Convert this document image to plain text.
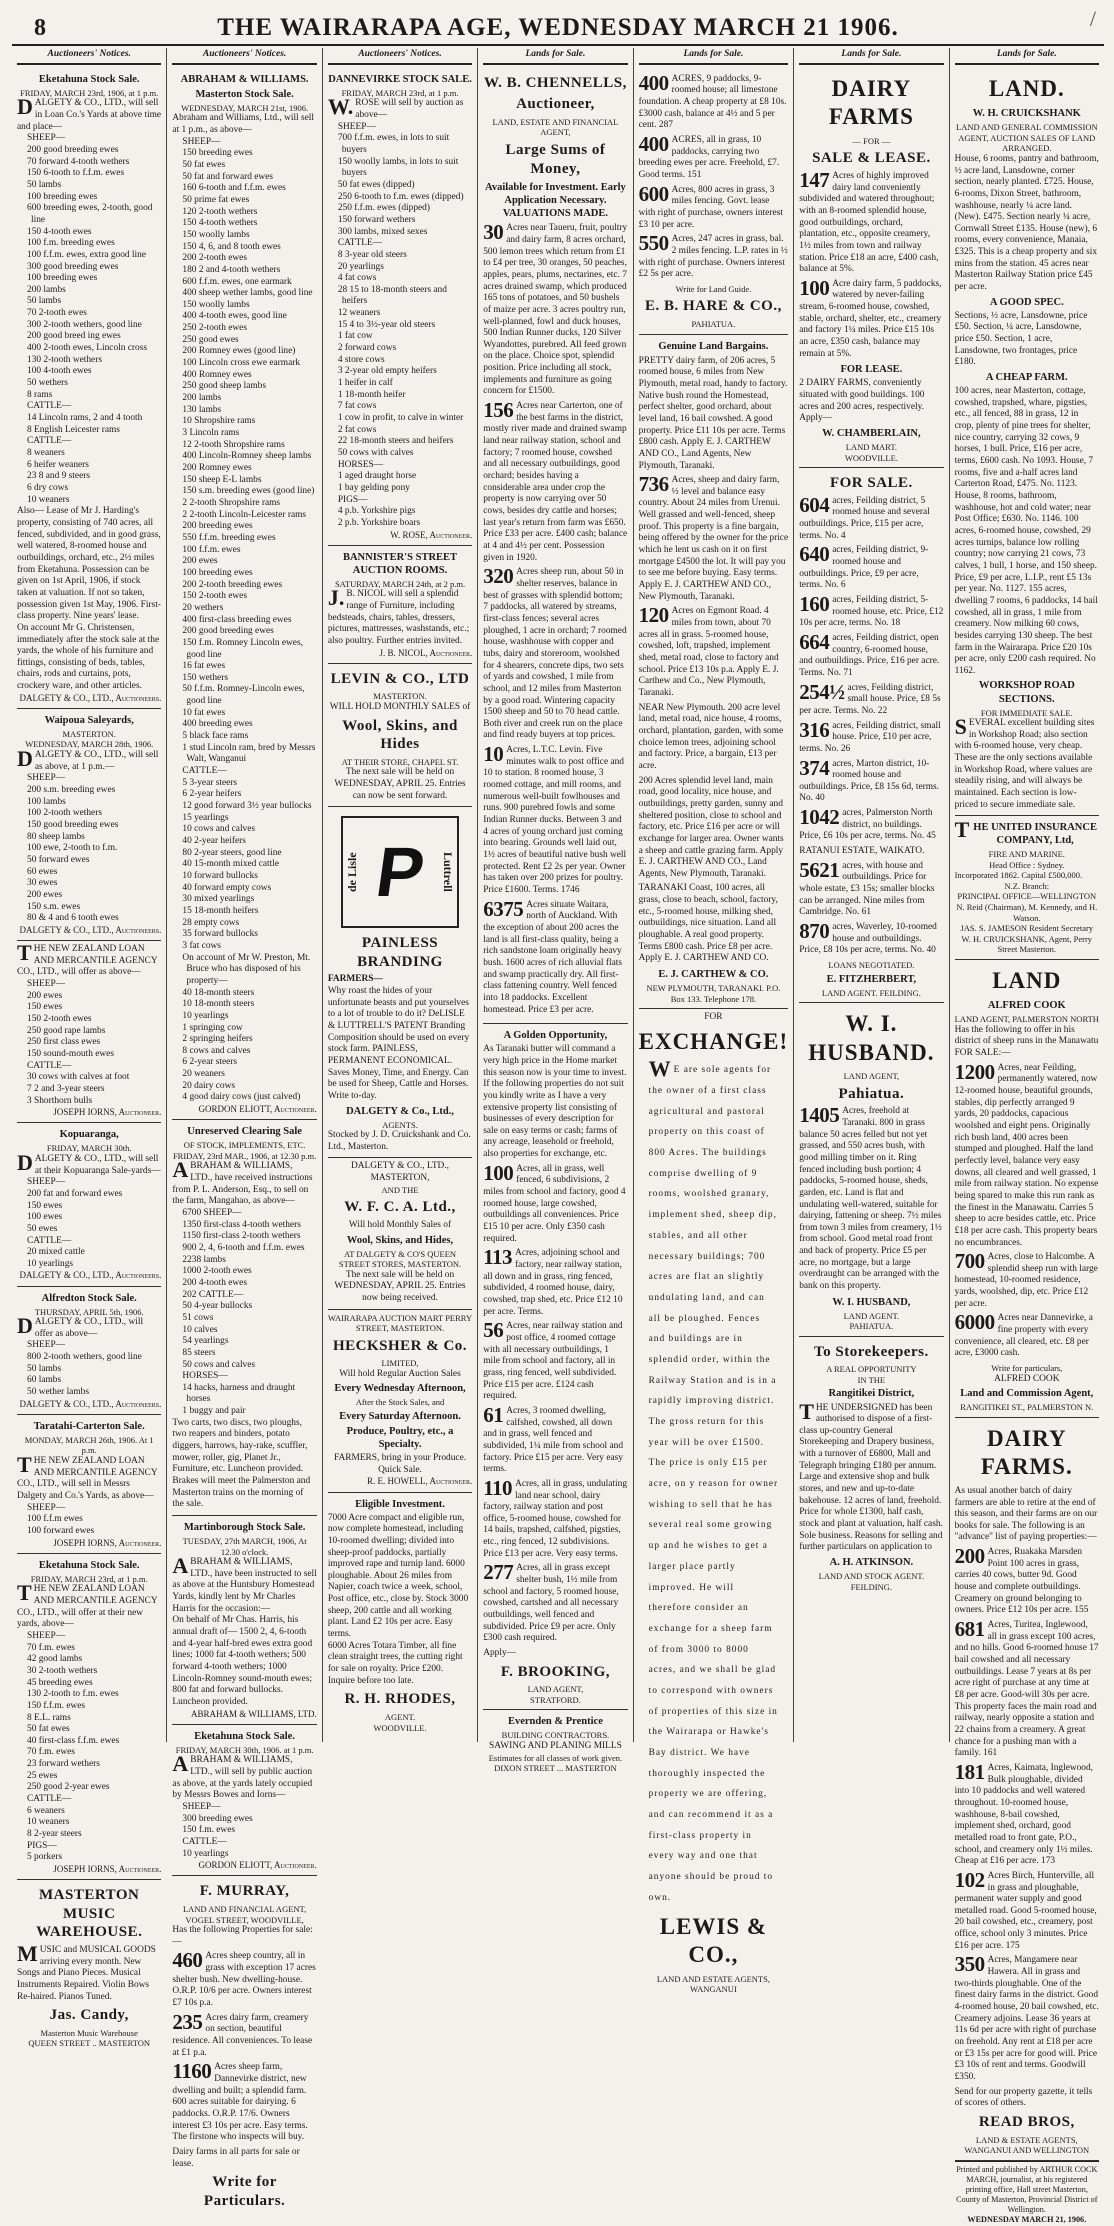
8	THE WAIRARAPA AGE, WEDNESDAY MARCH 21 1906.	/
Auctioneers' Notices.
Eketahuna Stock Sale.
FRIDAY, MARCH 23rd, 1906, at 1 p.m.
DALGETY & CO., LTD., will sell in Loan Co.'s Yards at above time and place—
SHEEP—
200 good breeding ewes
70 forward 4-tooth wethers
150 6-tooth to f.f.m. ewes
50 lambs
100 breeding ewes
600 breeding ewes, 2-tooth, good line
150 4-tooth ewes
100 f.m. breeding ewes
100 f.f.m. ewes, extra good line
300 good breeding ewes
100 breeding ewes
200 lambs
50 lambs
70 2-tooth ewes
300 2-tooth wethers, good line
200 good breed ing ewes
400 2-tooth ewes, Lincoln cross
130 2-tooth wethers
100 4-tooth ewes
50 wethers
8 rams
CATTLE—
14 Lincoln rams, 2 and 4 tooth
8 English Leicester rams
CATTLE—
8 weaners
6 heifer weaners
23 8 and 9 steers
6 dry cows
10 weaners
Also— Lease of Mr J. Harding's property, consisting of 740 acres, all fenced, subdivided, and in good grass, well watered, 8-roomed house and outbuildings, orchard, etc., 2½ miles from Eketahuna. Possession can be given on 1st April, 1906, if stock taken at valuation. If not so taken, possession given 1st May, 1906. First-class property. Nine years' lease.
On account Mr G. Christensen, immediately after the stock sale at the yards, the whole of his furniture and fittings, consisting of beds, tables, chairs, rods and curtains, pots, crockery ware, and other articles.
DALGETY & CO., LTD., Auctioneers.
Waipoua Saleyards,
MASTERTON.
WEDNESDAY, MARCH 28th, 1906.
DALGETY & CO., LTD., will sell as above, at 1 p.m.—
SHEEP—
200 s.m. breeding ewes
100 lambs
100 2-tooth wethers
150 good breeding ewes
80 sheep lambs
100 ewe, 2-tooth to f.m.
50 forward ewes
60 ewes
30 ewes
200 ewes
150 s.m. ewes
80 & 4 and 6 tooth ewes
DALGETY & CO., LTD., Auctioneers.
THE NEW ZEALAND LOAN AND MERCANTILE AGENCY CO., LTD., will offer as above—
SHEEP—
200 ewes
150 ewes
150 2-tooth ewes
250 good rape lambs
250 first class ewes
150 sound-mouth ewes
CATTLE—
30 cows with calves at foot
7 2 and 3-year steers
3 Shorthorn bulls
JOSEPH IORNS, Auctioneer.
Kopuaranga,
FRIDAY, MARCH 30th.
DALGETY & CO., LTD., will sell at their Kopuaranga Sale-yards—
SHEEP—
200 fat and forward ewes
150 ewes
100 ewes
50 ewes
CATTLE—
20 mixed cattle
10 yearlings
DALGETY & CO., LTD., Auctioneers.
Alfredton Stock Sale.
THURSDAY, APRIL 5th, 1906.
DALGETY & CO., LTD., will offer as above—
SHEEP—
800 2-tooth wethers, good line
50 lambs
60 lambs
50 wether lambs
DALGETY & CO., LTD., Auctioneers.
Taratahi-Carterton Sale.
MONDAY, MARCH 26th, 1906. At 1 p.m.
THE NEW ZEALAND LOAN AND MERCANTILE AGENCY CO., LTD., will sell in Messrs Dalgety and Co.'s Yards, as above—
SHEEP—
100 f.f.m ewes
100 forward ewes
JOSEPH IORNS, Auctioneer.
Eketahuna Stock Sale.
FRIDAY, MARCH 23rd, at 1 p.m.
THE NEW ZEALAND LOAN AND MERCANTILE AGENCY CO., LTD., will offer at their new yards, above—
SHEEP—
70 f.m. ewes
42 good lambs
30 2-tooth wethers
45 breeding ewes
130 2-tooth to f.m. ewes
150 f.f.m. ewes
8 E.L. rams
50 fat ewes
40 first-class f.f.m. ewes
70 f.m. ewes
23 forward wethers
25 ewes
250 good 2-year ewes
CATTLE—
6 weaners
10 weaners
8 2-year steers
PIGS—
5 porkers
JOSEPH IORNS, Auctioneer.
MASTERTON MUSIC WAREHOUSE.
MUSIC and MUSICAL GOODS arriving every month. New Songs and Piano Pieces. Musical Instruments Repaired. Violin Bows Re-haired. Pianos Tuned.
Jas. Candy,
Masterton Music Warehouse
QUEEN STREET .. MASTERTON
Auctioneers' Notices.
ABRAHAM & WILLIAMS.
Masterton Stock Sale.
WEDNESDAY, MARCH 21st, 1906.
Abraham and Williams, Ltd., will sell at 1 p.m., as above—
SHEEP—
150 breeding ewes
50 fat ewes
50 fat and forward ewes
160 6-tooth and f.f.m. ewes
50 prime fat ewes
120 2-tooth wethers
150 4-tooth wethers
150 woolly lambs
150 4, 6, and 8 tooth ewes
200 2-tooth ewes
180 2 and 4-tooth wethers
600 f.f.m. ewes, one earmark
400 sheep wether lambs, good line
150 woolly lambs
400 4-tooth ewes, good line
250 2-tooth ewes
250 good ewes
200 Romney ewes (good line)
100 Lincoln cross ewe earmark
400 Romney ewes
250 good sheep lambs
200 lambs
130 lambs
10 Shropshire rams
3 Lincoln rams
12 2-tooth Shropshire rams
400 Lincoln-Romney sheep lambs
200 Romney ewes
150 sheep E-L lambs
150 s.m. breeding ewes (good line)
2 2-tooth Shropshire rams
2 2-tooth Lincoln-Leicester rams
200 breeding ewes
550 f.f.m. breeding ewes
100 f.f.m. ewes
200 ewes
100 breeding ewes
200 2-tooth breeding ewes
150 2-tooth ewes
20 wethers
400 first-class breeding ewes
200 good breeding ewes
150 f.m. Romney Lincoln ewes, good line
16 fat ewes
150 wethers
50 f.f.m. Romney-Lincoln ewes, good line
10 fat ewes
400 breeding ewes
5 black face rams
1 stud Lincoln ram, bred by Messrs Walt, Wanganui
CATTLE—
5 3-year steers
6 2-year heifers
12 good forward 3½ year bullocks
15 yearlings
10 cows and calves
40 2-year heifers
80 2-year steers, good line
40 15-month mixed cattle
10 forward bullocks
40 forward empty cows
30 mixed yearlings
15 18-month heifers
28 empty cows
35 forward bullocks
3 fat cows
On account of Mr W. Preston, Mt. Bruce who has disposed of his property—
40 18-month steers
10 18-month steers
10 yearlings
1 springing cow
2 springing heifers
8 cows and calves
6 2-year steers
20 weaners
20 dairy cows
4 good dairy cows (just calved)
GORDON ELIOTT, Auctioneer.
Unreserved Clearing Sale
OF STOCK, IMPLEMENTS, ETC.
FRIDAY, 23rd MAR., 1906, at 12.30 p.m.
ABRAHAM & WILLIAMS, LTD., have received instructions from P. L. Anderson, Esq., to sell on the farm, Mangahao, as above—
6700 SHEEP—
1350 first-class 4-tooth wethers
1150 first-class 2-tooth wethers
900 2, 4, 6-tooth and f.f.m. ewes
2238 lambs
1000 2-tooth ewes
200 4-tooth ewes
202 CATTLE—
50 4-year bullocks
51 cows
10 calves
54 yearlings
85 steers
50 cows and calves
HORSES—
14 hacks, harness and draught horses
1 buggy and pair
Two carts, two discs, two ploughs, two reapers and binders, potato diggers, harrows, hay-rake, scuffler, mower, roller, gig, Planet Jr., Furniture, etc. Luncheon provided. Brakes will meet the Palmerston and Masterton trains on the morning of the sale.
Martinborough Stock Sale.
TUESDAY, 27th MARCH, 1906, At 12.30 o'clock.
ABRAHAM & WILLIAMS, LTD., have been instructed to sell as above at the Huntsbury Homestead Yards, kindly lent by Mr Charles Harris for the occasion:—
On behalf of Mr Chas. Harris, his annual draft of— 1500 2, 4, 6-tooth and 4-year half-bred ewes extra good lines; 1000 fat 4-tooth wethers; 500 forward 4-tooth wethers; 1000 Lincoln-Romney sound-mouth ewes; 800 fat and forward bullocks. Luncheon provided.
ABRAHAM & WILLIAMS, LTD.
Eketahuna Stock Sale.
FRIDAY, MARCH 30th, 1906. at 1 p.m.
ABRAHAM & WILLIAMS, LTD., will sell by public auction as above, at the yards lately occupied by Messrs Bowes and Iorns—
SHEEP—
300 breeding ewes
150 f.m. ewes
CATTLE—
10 yearlings
GORDON ELIOTT, Auctioneer.
F. MURRAY,
LAND AND FINANCIAL AGENT,
VOGEL STREET, WOODVILLE,
Has the following Properties for sale:—
460 Acres sheep country, all in grass with exception 17 acres shelter bush. New dwelling-house. O.R.P. 10/6 per acre. Owners interest £7 10s p.a.
235 Acres dairy farm, creamery on section, beautiful residence. All conveniences. To lease at £1 p.a.
1160 Acres sheep farm, Dannevirke district, new dwelling and built; a splendid farm. 600 acres suitable for dairying. 6 paddocks. O.R.P. 17/6. Owners interest £3 10s per acre. Easy terms. The firstone who inspects will buy.
Dairy farms in all parts for sale or lease.
Write for Particulars.
Auctioneers' Notices.
DANNEVIRKE STOCK SALE.
FRIDAY, MARCH 23rd, at 1 p.m.
W.ROSE will sell by auction as above—
SHEEP—
700 f.f.m. ewes, in lots to suit buyers
150 woolly lambs, in lots to suit buyers
50 fat ewes (dipped)
250 6-tooth to f.m. ewes (dipped)
250 f.f.m. ewes (dipped)
150 forward wethers
300 lambs, mixed sexes
CATTLE—
8 3-year old steers
20 yearlings
4 fat cows
28 15 to 18-month steers and heifers
12 weaners
15 4 to 3½-year old steers
1 fat cow
2 forward cows
4 store cows
3 2-year old empty heifers
1 heifer in calf
1 18-month heifer
7 fat cows
1 cow in profit, to calve in winter
2 fat cows
22 18-month steers and heifers
50 cows with calves
HORSES—
1 aged draught horse
1 bay gelding pony
PIGS—
4 p.b. Yorkshire pigs
2 p.b. Yorkshire boars
W. ROSE, Auctioneer.
BANNISTER'S STREET AUCTION ROOMS.
SATURDAY, MARCH 24th, at 2 p.m.
J.B. NICOL will sell a splendid range of Furniture, including bedsteads, chairs, tables, dressers, pictures, mattresses, washstands, etc.; also poultry. Further entries invited.
J. B. NICOL, Auctioneer.
LEVIN & CO., LTD
MASTERTON.
WILL HOLD MONTHLY SALES of
Wool, Skins, and Hides
AT THEIR STORE, CHAPEL ST.
The next sale will be held on WEDNESDAY, APRIL 25. Entries can now be sent forward.
de Lisle P Luttrell
PAINLESS BRANDING
FARMERS—
Why roast the hides of your unfortunate beasts and put yourselves to a lot of trouble to do it? DeLISLE & LUTTRELL'S PATENT Branding Composition should be used on every stock farm. PAINLESS, PERMANENT ECONOMICAL. Saves Money, Time, and Energy. Can be used for Sheep, Cattle and Horses. Write to-day.
DALGETY & Co., Ltd.,
AGENTS.
Stocked by J. D. Cruickshank and Co. Ltd., Masterton.
DALGETY & CO., LTD., MASTERTON,
AND THE
W. F. C. A. Ltd.,
Will hold Monthly Sales of
Wool, Skins, and Hides,
AT DALGETY & CO'S QUEEN STREET STORES, MASTERTON.
The next sale will be held on WEDNESDAY, APRIL 25. Entries now being received.
WAIRARAPA AUCTION MART PERRY STREET, MASTERTON.
HECKSHER & Co.
LIMITED,
Will hold Regular Auction Sales
Every Wednesday Afternoon,
After the Stock Sales, and
Every Saturday Afternoon.
Produce, Poultry, etc., a Specialty.
FARMERS, bring in your Produce. Quick Sale.
R. E. HOWELL, Auctioneer.
Eligible Investment.
7000 Acre compact and eligible run, now complete homestead, including 10-roomed dwelling; divided into sheep-proof paddocks, partially improved rape and turnip land. 6000 ploughable. About 26 miles from Napier, coach twice a week, school, Post office, etc., close by. Stock 3000 sheep, 200 cattle and all working plant. Land £2 10s per acre. Easy terms.
6000 Acres Totara Timber, all fine clean straight trees, the cutting right for sale on royalty. Price £200. Inquire before too late.
R. H. RHODES,
AGENT.
WOODVILLE.
Lands for Sale.
W. B. CHENNELLS,
Auctioneer,
LAND, ESTATE AND FINANCIAL AGENT,
Large Sums of Money,
Available for Investment. Early Application Necessary. VALUATIONS MADE.
30 Acres near Taueru, fruit, poultry and dairy farm, 8 acres orchard, 500 lemon trees which return from £1 to £4 per tree, 30 oranges, 50 peaches, apples, pears, plums, nectarines, etc. 7 acres drained swamp, which produced 165 tons of potatoes, and 50 bushels of maize per acre. 3 acres poultry run, well-planned, fowl and duck houses, 500 Indian Runner ducks, 120 Silver Wyandottes, purebred. All feed grown on the place. Choice spot, splendid position. Price including all stock, implements and furniture as going concern for £1500.
156 Acres near Carterton, one of the best farms in the district, mostly river made and drained swamp land near railway station, school and factory; 7 roomed house, cowshed and all necessary outbuildings, good orchard; besides having a considerable area under crop the property is now carrying over 50 cows, besides dry cattle and horses; last year's return from farm was £650. Price £33 per acre. £400 cash; balance at 4 and 4½ per cent. Possession given in 1920.
320 Acres sheep run, about 50 in shelter reserves, balance in best of grasses with splendid bottom; 7 paddocks, all watered by streams, first-class fences; several acres ploughed, 1 acre in orchard; 7 roomed house, washhouse with copper and tubs, dairy and storeroom, woolshed for 4 shearers, concrete dips, two sets of yards and cowshed, 1 mile from school, and 12 miles from Masterton by a good road. Wintering capacity 1500 sheep and 50 to 70 head cattle. Both river and creek run on the place and find ready buyers at top prices.
10 Acres, L.T.C. Levin. Five minutes walk to post office and 10 to station. 8 roomed house, 3 roomed cottage, and mill rooms, and numerous well-built fowlhouses and runs. 900 purebred fowls and some Indian Runner ducks. Between 3 and 4 acres of young orchard just coming into bearing. Grounds well laid out, 1½ acres of beautiful native bush well protected. Rent £2 2s per year. Owner has taken over 200 prizes for poultry. Price £1600. Terms. 1746
6375 Acres situate Waitara, north of Auckland. With the exception of about 200 acres the land is all first-class quality, being a rich sandstone loam originally heavy bush. 1600 acres of rich alluvial flats and swamp practically dry. All first-class fattening country. Well fenced into 18 paddocks. Excellent homestead. Price £3 per acre.
A Golden Opportunity,
As Taranaki butter will command a very high price in the Home market this season now is your time to invest. If the following properties do not suit you kindly write as I have a very extensive property list consisting of businesses of every description for sale on easy terms or cash; farms of any acreage, leasehold or freehold, also properties for exchange, etc.
100 Acres, all in grass, well fenced, 6 subdivisions, 2 miles from school and factory, good 4 roomed house, large cowshed, outbuildings all conveniences. Price £15 10 per acre. Only £350 cash required.
113 Acres, adjoining school and factory, near railway station, all down and in grass, ring fenced, subdivided, 4 roomed house, dairy, cowshed, trap shed, etc. Price £12 10 per acre. Terms.
56 Acres, near railway station and post office, 4 roomed cottage with all necessary outbuildings, 1 mile from school and factory, all in grass, ring fenced, well subdivided. Price £15 per acre. £124 cash required.
61 Acres, 3 roomed dwelling, calfshed, cowshed, all down and in grass, well fenced and subdivided, 1¼ mile from school and factory. Price £15 per acre. Very easy terms.
110 Acres, all in grass, undulating land near school, dairy factory, railway station and post office, 5-roomed house, cowshed for 14 bails, trapshed, calfshed, pigsties, etc., ring fenced, 12 subdivisions. Price £13 per acre. Very easy terms.
277 Acres, all in grass except shelter bush, 1½ mile from school and factory, 5 roomed house, cowshed, cartshed and all necessary outbuildings, well fenced and subdivided. Price £9 per acre. Only £300 cash required.
Apply—
F. BROOKING,
LAND AGENT,
STRATFORD.
Evernden & Prentice
BUILDING CONTRACTORS.
SAWING AND PLANING MILLS
Estimates for all classes of work given.
DIXON STREET ... MASTERTON
Lands for Sale.
400 ACRES, 9 paddocks, 9-roomed house; all limestone foundation. A cheap property at £8 10s. £3000 cash, balance at 4½ and 5 per cent. 287
400 ACRES, all in grass, 10 paddocks, carrying two breeding ewes per acre. Freehold, £7. Good terms. 151
600 Acres, 800 acres in grass, 3 miles fencing. Govt. lease with right of purchase, owners interest £3 10 per acre.
550 Acres, 247 acres in grass, bal. 2 miles fencing. L.P. rates in ½ with right of purchase. Owners interest £2 5s per acre.
Write for Land Guide.
E. B. HARE & CO.,
PAHIATUA.
Genuine Land Bargains.
PRETTY dairy farm, of 206 acres, 5 roomed house, 6 miles from New Plymouth, metal road, handy to factory. Native bush round the Homestead, perfect shelter, good orchard, about level land, 16 bail cowshed. A good property. Price £11 10s per acre. Terms £800 cash. Apply E. J. CARTHEW AND CO., Land Agents, New Plymouth, Taranaki.
736 Acres, sheep and dairy farm, ½ level and balance easy country. About 24 miles from Urenui. Well grassed and well-fenced, sheep proof. This property is a fine bargain, being offered by the owner for the price which he lent us cash on it on first mortgage £4500 the lot. It will pay you to see me before buying. Easy terms. Apply E. J. CARTHEW AND CO., New Plymouth, Taranaki.
120 Acres on Egmont Road. 4 miles from town, about 70 acres all in grass. 5-roomed house, cowshed, loft, trapshed, implement shed, metal road, close to factory and school. Price £13 10s p.a. Apply E. J. Carthew and Co., New Plymouth, Taranaki.
NEAR New Plymouth. 200 acre level land, metal road, nice house, 4 rooms, orchard, plantation, garden, with some choice lemon trees, adjoining school and factory. Price, a bargain, £13 per acre.
200 Acres splendid level land, main road, good locality, nice house, and outbuildings, pretty garden, sunny and sheltered position, close to school and factory, etc. Price £16 per acre or will exchange for larger area. Owner wants a sheep and cattle grazing farm. Apply E. J. CARTHEW AND CO., Land Agents, New Plymouth, Taranaki.
TARANAKI Coast, 100 acres, all grass, close to beach, school, factory, etc., 5-roomed house, milking shed, outbuildings, nice situation. Land all ploughable. A real good property. Terms £800 cash. Price £8 per acre. Apply E. J. CARTHEW AND CO.
E. J. CARTHEW & CO.
NEW PLYMOUTH, TARANAKI. P.O. Box 133. Telephone 178.
FOR
EXCHANGE!
WE are sole agents for the owner of a first class agricultural and pastoral property on this coast of 800 Acres. The buildings comprise dwelling of 9 rooms, woolshed granary, implement shed, sheep dip, stables, and all other necessary buildings; 700 acres are flat an slightly undulating land, and can all be ploughed. Fences and buildings are in splendid order, within the Railway Station and is in a rapidly improving district. The gross return for this year will be over £1500. The price is only £15 per acre, on y reason for owner wishing to sell that he has several real some growing up and he wishes to get a larger place partly improved. He will therefore consider an exchange for a sheep farm of from 3000 to 8000 acres, and we shall be glad to correspond with owners of properties of this size in the Wairarapa or Hawke's Bay district. We have thoroughly inspected the property we are offering, and can recommend it as a first-class property in every way and one that anyone should be proud to own.
LEWIS & CO.,
LAND AND ESTATE AGENTS,
WANGANUI
Lands for Sale.
DAIRY FARMS
— FOR —
SALE & LEASE.
147 Acres of highly improved dairy land conveniently subdivided and watered throughout; with an 8-roomed splendid house, good outbuildings, orchard, plantation, etc., opposite creamery, 1½ miles from town and railway station. Price £18 an acre, £400 cash, balance at 5%.
100 Acre dairy farm, 5 paddocks, watered by never-failing stream, 6-roomed house, cowshed, stable, orchard, shelter, etc., creamery and factory 1¼ miles. Price £15 10s an acre, £350 cash, balance may remain at 5%.
FOR LEASE.
2 DAIRY FARMS, conveniently situated with good buildings. 100 acres and 200 acres, respectively.
Apply—
W. CHAMBERLAIN,
LAND MART.
WOODVILLE.
FOR SALE.
604 acres, Feilding district, 5 roomed house and several outbuildings. Price, £15 per acre, terms. No. 4
640 acres, Feilding district, 9-roomed house and outbuildings. Price, £9 per acre, terms. No. 6
160 acres, Feilding district, 5-roomed house, etc. Price, £12 10s per acre, terms. No. 18
664 acres, Feilding district, open country, 6-roomed house, and outbuildings. Price, £16 per acre. Terms. No. 71
254½ acres, Feilding district, small house. Price, £8 5s per acre. Terms. No. 22
316 acres, Feilding district, small house. Price, £10 per acre, terms. No. 26
374 acres, Marton district, 10-roomed house and outbuildings. Price, £8 15s 6d, terms. No. 40
1042 acres, Palmerston North district, no buildings. Price, £6 10s per acre, terms. No. 45
RATANUI ESTATE, WAIKATO.
5621 acres, with house and outbuildings. Price for whole estate, £3 15s; smaller blocks can be arranged. Nine miles from Cambridge. No. 61
870 acres, Waverley, 10-roomed house and outbuildings. Price, £8 10s per acre, terms. No. 40
LOANS NEGOTIATED.
E. FITZHERBERT,
LAND AGENT. FEILDING.
W. I. HUSBAND.
LAND AGENT,
Pahiatua.
1405 Acres, freehold at Taranaki. 800 in grass balance 50 acres felled but not yet grassed, and 550 acres bush, with good milling timber on it. Ring fenced including bush portion; 4 paddocks, 5-roomed house, sheds, garden, etc. Land is flat and undulating well-watered, suitable for dairying, fattening or sheep. 7½ miles from town 3 miles from creamery, 1½ from school. Good metal road front and back of property. Price £5 per acre, no mortgage, but a large overdraught can be arranged with the bank on this property.
W. I. HUSBAND,
LAND AGENT.
PAHIATUA.
To Storekeepers.
A REAL OPPORTUNITY
IN THE
Rangitikei District,
THE UNDERSIGNED has been authorised to dispose of a first-class up-country General Storekeeping and Drapery business, with a turnover of £6800, Mall and Telegraph bringing £180 per annum. Large and extensive shop and bulk stores, and new and up-to-date bakehouse. 12 acres of land, freehold. Price for whole £1300, half cash, stock and plant at valuation, half cash. Sole business. Reasons for selling and further particulars on application to
A. H. ATKINSON.
LAND AND STOCK AGENT.
FEILDING.
Lands for Sale.
LAND.
W. H. CRUICKSHANK
LAND AND GENERAL COMMISSION AGENT, AUCTION SALES OF LAND ARRANGED.
House, 6 rooms, pantry and bathroom, ½ acre land, Lansdowne, corner section, nearly planted. £725. House, 6-rooms, Dixon Street, bathroom, washhouse, nearly ¼ acre land. (New). £475. Section nearly ¼ acre, Cornwall Street £135. House (new), 6 rooms, every convenience, Manaia, £325. This is a cheap property and six mins from the station. 45 acres near Masterton Railway Station price £45 per acre.
A GOOD SPEC.
Sections, ½ acre, Lansdowne, price £50. Section, ¼ acre, Lansdowne, price £50. Section, 1 acre, Lansdowne, two frontages, price £180.
A CHEAP FARM.
100 acres, near Masterton, cottage, cowshed, trapshed, whare, pigsties, etc., all fenced, 88 in grass, 12 in crop, plenty of pine trees for shelter, nice country, carrying 32 cows, 9 horses, 1 bull. Price, £16 per acre, terms, £600 cash. No 1093. House, 7 rooms, five and a-half acres land Carterton Road, £475. No. 1123. House, 8 rooms, bathroom, washhouse, hot and cold water; near Post Office; £630. No. 1146. 100 acres, 6-roomed house, cowshed, 29 acres turnips, balance low rolling country; now carrying 21 cows, 73 calves, 1 bull, 1 horse, and 150 sheep. Price, £9 per acre, L.I.P., rent £5 13s per year. No. 1127. 155 acres, dwelling 7 rooms, 6 paddocks, 14 bail cowshed, all in grass, 1 mile from creamery. Now milking 60 cows, besides carrying 130 sheep. The best farm in the Wairarapa. Price £20 10s per acre, only £200 cash required. No 1162.
WORKSHOP ROAD SECTIONS.
FOR IMMEDIATE SALE.
SEVERAL excellent building sites in Workshop Road; also section with 6-roomed house, very cheap. These are the only sections available in Workshop Road, where values are steadily rising, and will always be maintained. Each section is low-priced to secure immediate sale.
THE UNITED INSURANCE COMPANY, Ltd,
FIRE AND MARINE.
Head Office : Sydney.
Incorporated 1862. Capital £500,000.
N.Z. Branch:
PRINCIPAL OFFICE—WELLINGTON
N. Reid (Chairman), M. Kennedy, and H. Watson.
JAS. S. JAMESON Resident Secretary
W. H. CRUICKSHANK, Agent, Perry Street Masterton.
LAND
ALFRED COOK
LAND AGENT, PALMERSTON NORTH
Has the following to offer in his district of sheep runs in the Manawatu FOR SALE:—
1200 Acres, near Feilding, permanently watered, now 12-roomed house, beautiful grounds, stables, dip perfectly arranged 9 yards, 20 paddocks, capacious woolshed and eight pens. Originally rich bush land, 400 acres been stumped and ploughed. Half the land perfectly level, balance very easy downs, all cleared and well grassed, 1 mile from railway station. No expense being spared to make this run rank as the finest in the Manawatu. Carries 5 sheep to acre besides cattle, etc. Price £18 per acre cash. This property bears no encumbrances.
700 Acres, close to Halcombe. A splendid sheep run with large homestead, 10-roomed residence, yards, woolshed, dip, etc. Price £12 per acre.
6000 Acres near Dannevirke, a fine property with every convenience, all cleared, etc. £8 per acre, £3000 cash.
Write for particulars,
ALFRED COOK
Land and Commission Agent,
RANGITIKEI ST., PALMERSTON N.
DAIRY FARMS.
As usual another batch of dairy farmers are able to retire at the end of this season, and their farms are on our books for sale. The following is an "advance" list of paying properties:—
200 Acres, Ruakaka Marsden Point 100 acres in grass, carries 40 cows, butter 9d. Good house and complete outbuildings. Creamery on ground belonging to owners. Price £12 10s per acre. 155
681 Acres, Turitea, Inglewood, all in grass except 100 acres, and no hills. Good 6-roomed house 17 bail cowshed and all necessary outbuildings. Lease 7 years at 8s per acre right of purchase at any time at £8 per acre. Good-will 30s per acre. This property faces the main road and railway, nearly opposite a station and 22 chains from a creamery. A great chance for a pushing man with a family. 161
181 Acres, Kaimata, Inglewood, Bulk ploughable, divided into 10 paddocks and well watered throughout. 10-roomed house, washhouse, 8-bail cowshed, implement shed, orchard, good metalled road to front gate, P.O., school, and creamery only 1½ miles. Cheap at £16 per acre. 173
102 Acres Birch, Hunterville, all in grass and ploughable, permanent water supply and good metalled road. Good 5-roomed house, 20 bail cowshed, etc., creamery, post office, school only 3 minutes. Price £16 per acre. 175
350 Acres, Mangamere near Hawera. All in grass and two-thirds ploughable. One of the finest dairy farms in the district. Good 4-roomed house, 20 bail cowshed, etc. Creamery adjoins. Lease 36 years at 11s 6d per acre with right of purchase on freehold. Any rent at £18 per acre or £3 15s per acre for good will. Price £3 10s of rent and terms. Goodwill £350.
Send for our property gazette, it tells of scores of others.
READ BROS,
LAND & ESTATE AGENTS,
WANGANUI AND WELLINGTON
Printed and published by ARTHUR COCK MARCH, journalist, at his registered printing office, Hall street Masterton, County of Masterton, Provincial District of Wellington.
WEDNESDAY MARCH 21, 1906.
